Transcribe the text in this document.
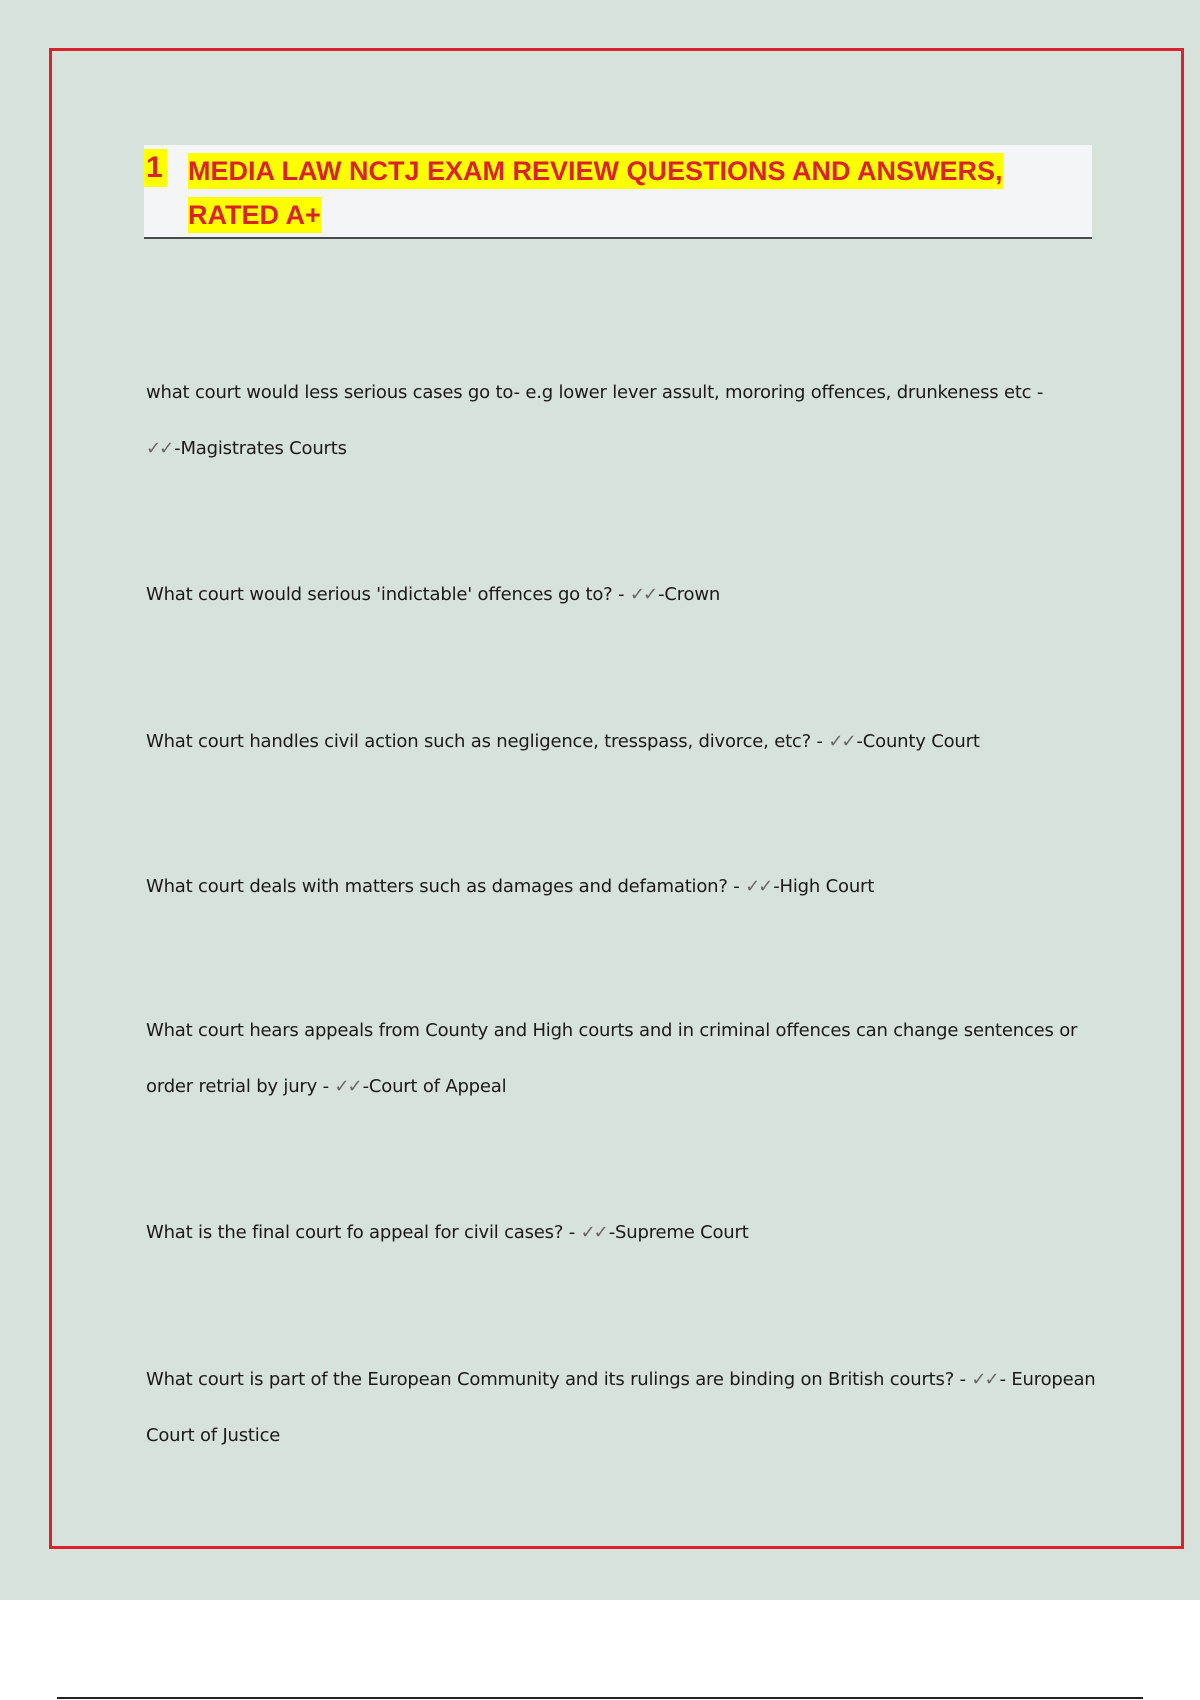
1 MEDIA LAW NCTJ EXAM REVIEW QUESTIONS AND ANSWERS,
RATED A+
what court would less serious cases go to- e.g lower lever assult, mororing offences, drunkeness etc -
✓✓ -Magistrates Courts
What court would serious 'indictable' offences go to? - ✓✓ -Crown
What court handles civil action such as negligence, tresspass, divorce, etc? - ✓✓ -County Court
What court deals with matters such as damages and defamation? - ✓✓ -High Court
What court hears appeals from County and High courts and in criminal offences can change sentences or order retrial by jury - ✓✓ -Court of Appeal
What is the final court fo appeal for civil cases? - ✓✓ -Supreme Court
What court is part of the European Community and its rulings are binding on British courts? - ✓✓ - European Court of Justice
